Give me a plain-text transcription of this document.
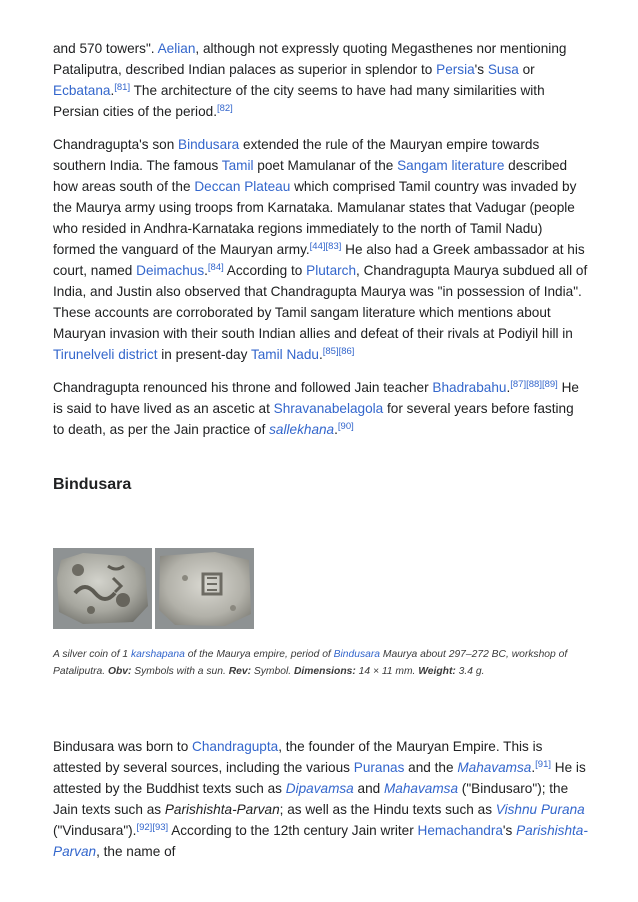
and 570 towers". Aelian, although not expressly quoting Megasthenes nor mentioning Pataliputra, described Indian palaces as superior in splendor to Persia's Susa or Ecbatana.[81] The architecture of the city seems to have had many similarities with Persian cities of the period.[82]

Chandragupta's son Bindusara extended the rule of the Mauryan empire towards southern India. The famous Tamil poet Mamulanar of the Sangam literature described how areas south of the Deccan Plateau which comprised Tamil country was invaded by the Maurya army using troops from Karnataka. Mamulanar states that Vadugar (people who resided in Andhra-Karnataka regions immediately to the north of Tamil Nadu) formed the vanguard of the Mauryan army.[44][83] He also had a Greek ambassador at his court, named Deimachus.[84] According to Plutarch, Chandragupta Maurya subdued all of India, and Justin also observed that Chandragupta Maurya was "in possession of India". These accounts are corroborated by Tamil sangam literature which mentions about Mauryan invasion with their south Indian allies and defeat of their rivals at Podiyil hill in Tirunelveli district in present-day Tamil Nadu.[85][86]

Chandragupta renounced his throne and followed Jain teacher Bhadrabahu.[87][88][89] He is said to have lived as an ascetic at Shravanabelagola for several years before fasting to death, as per the Jain practice of sallekhana.[90]

Bindusara

A silver coin of 1 karshapana of the Maurya empire, period of Bindusara Maurya about 297–272 BC, workshop of Pataliputra. Obv: Symbols with a sun. Rev: Symbol. Dimensions: 14 × 11 mm. Weight: 3.4 g.

Bindusara was born to Chandragupta, the founder of the Mauryan Empire. This is attested by several sources, including the various Puranas and the Mahavamsa.[91] He is attested by the Buddhist texts such as Dipavamsa and Mahavamsa ("Bindusaro"); the Jain texts such as Parishishta-Parvan; as well as the Hindu texts such as Vishnu Purana ("Vindusara").[92][93] According to the 12th century Jain writer Hemachandra's Parishishta-Parvan, the name of
